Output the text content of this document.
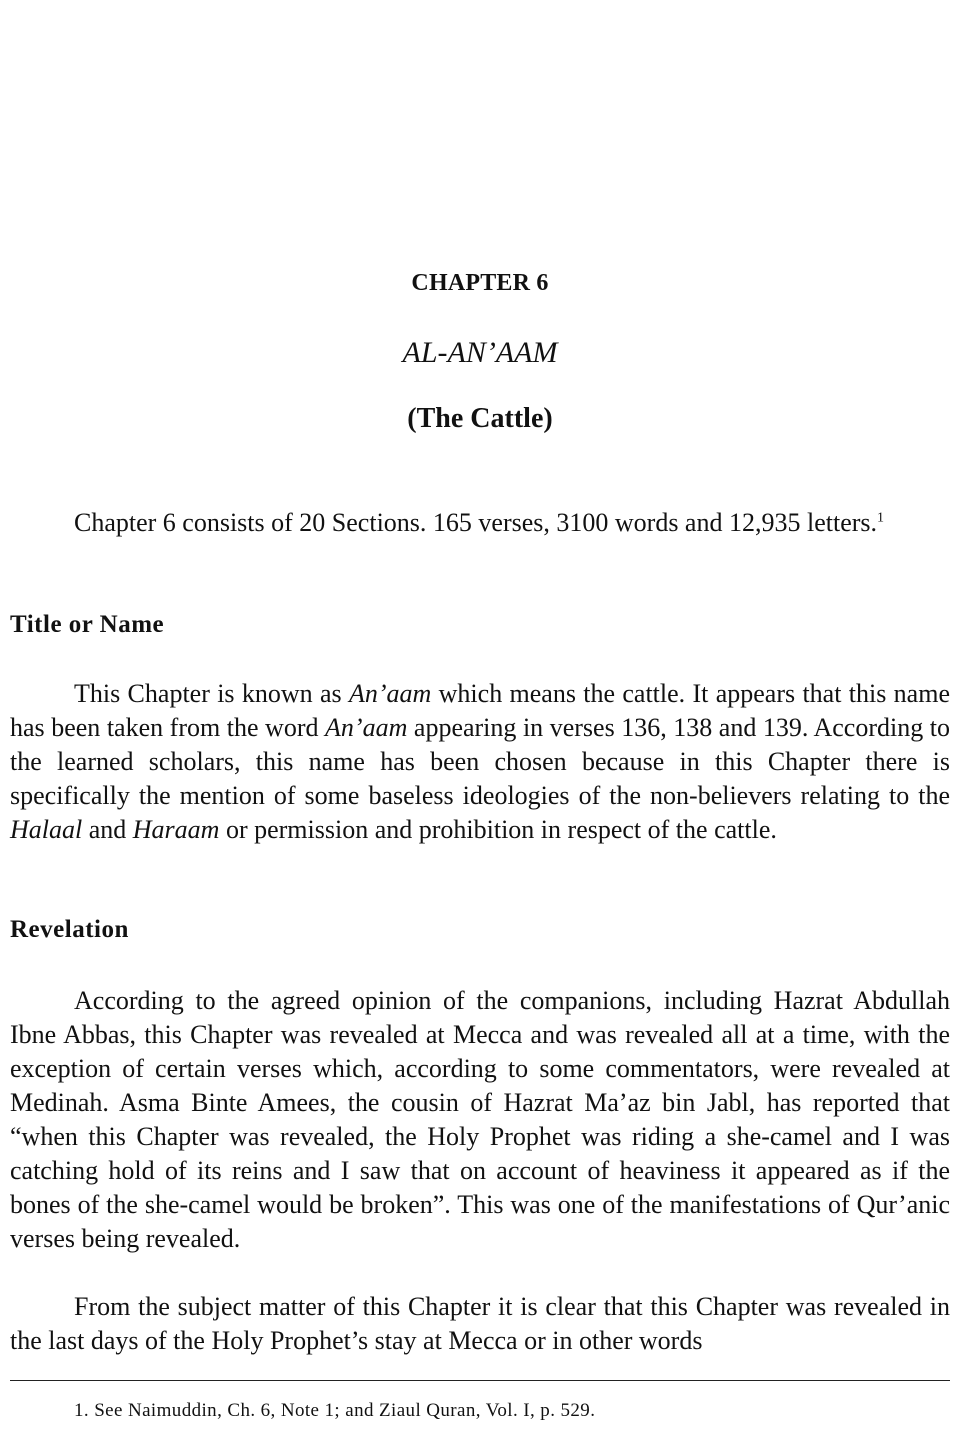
CHAPTER 6
AL-AN’AAM
(The Cattle)

Chapter 6 consists of 20 Sections. 165 verses, 3100 words and 12,935 letters.$^1$

Title or Name

This Chapter is known as An’aam which means the cattle. It appears that this name has been taken from the word An’aam appearing in verses 136, 138 and 139. According to the learned scholars, this name has been chosen because in this Chapter there is specifically the mention of some baseless ideologies of the non-believers relating to the Halaal and Haraam or permission and prohibition in respect of the cattle.

Revelation

According to the agreed opinion of the companions, including Hazrat Abdullah Ibne Abbas, this Chapter was revealed at Mecca and was revealed all at a time, with the exception of certain verses which, according to some commentators, were revealed at Medinah. Asma Binte Amees, the cousin of Hazrat Ma’az bin Jabl, has reported that “when this Chapter was revealed, the Holy Prophet was riding a she-camel and I was catching hold of its reins and I saw that on account of heaviness it appeared as if the bones of the she-camel would be broken”. This was one of the manifestations of Qur’anic verses being revealed.

From the subject matter of this Chapter it is clear that this Chapter was revealed in the last days of the Holy Prophet’s stay at Mecca or in other words

1. See Naimuddin, Ch. 6, Note 1; and Ziaul Quran, Vol. I, p. 529.
